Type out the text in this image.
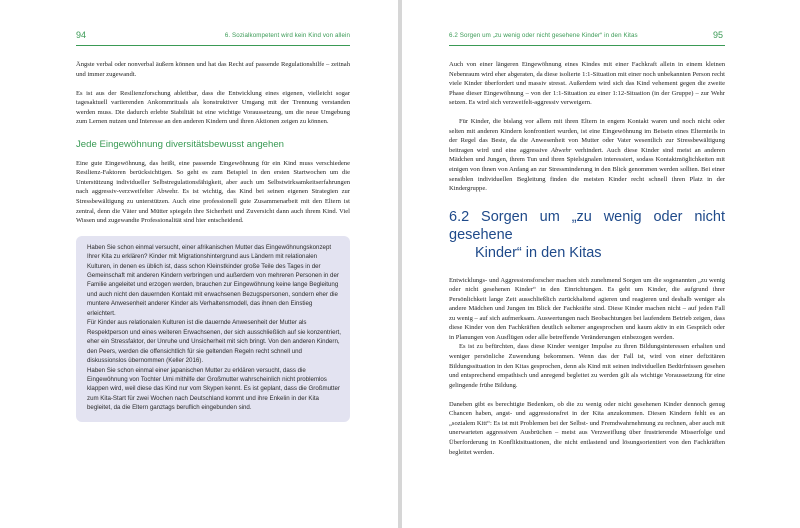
94	6. Sozialkompetent wird kein Kind von allein

Ängste verbal oder nonverbal äußern können und hat das Recht auf passende Regulationshilfe – zeitnah und immer zugewandt.

Es ist aus der Resilienzforschung ableitbar, dass die Entwicklung eines eigenen, vielleicht sogar tagesaktuell variierenden Ankommrituals als konstruktiver Umgang mit der Trennung verstanden werden muss. Die dadurch erlebte Stabilität ist eine wichtige Voraussetzung, um die neue Umgebung zum Lernen nutzen und Interesse an den anderen Kindern und ihren Aktionen zeigen zu können.

Jede Eingewöhnung diversitätsbewusst angehen

Eine gute Eingewöhnung, das heißt, eine passende Eingewöhnung für ein Kind muss verschiedene Resilienz-Faktoren berücksichtigen. So geht es zum Beispiel in den ersten Startwochen um die Unterstützung individueller Selbstregulationsfähigkeit, aber auch um Selbstwirksamkeitserfahrungen nach aggressiv-verzweifelter Abwehr. Es ist wichtig, das Kind bei seinen eigenen Strategien zur Stressbewältigung zu unterstützen. Auch eine professionell gute Zusammenarbeit mit den Eltern ist zentral, denn die Väter und Mütter spiegeln ihre Sicherheit und Zuversicht dann auch ihrem Kind. Viel Wissen und zugewandte Professionalität sind hier entscheidend.

Haben Sie schon einmal versucht, einer afrikanischen Mutter das Eingewöhnungskonzept Ihrer Kita zu erklären? Kinder mit Migrationshintergrund aus Ländern mit relationalen Kulturen, in denen es üblich ist, dass schon Kleinstkinder große Teile des Tages in der Gemeinschaft mit anderen Kindern verbringen und außerdem von mehreren Personen in der Familie angeleitet und erzogen werden, brauchen zur Eingewöhnung keine lange Begleitung und auch nicht den dauernden Kontakt mit erwachsenen Bezugspersonen, sondern eher die muntere Anwesenheit anderer Kinder als Verhaltensmodell, das ihnen den Einstieg erleichtert.

Für Kinder aus relationalen Kulturen ist die dauernde Anwesenheit der Mutter als Respektperson und eines weiteren Erwachsenen, der sich ausschließlich auf sie konzentriert, eher ein Stressfaktor, der Unruhe und Unsicherheit mit sich bringt. Von den anderen Kindern, den Peers, werden die offensichtlich für sie geltenden Regeln recht schnell und diskussionslos übernommen (Keller 2016).

Haben Sie schon einmal einer japanischen Mutter zu erklären versucht, dass die Eingewöhnung von Tochter Umi mithilfe der Großmutter wahrscheinlich nicht problemlos klappen wird, weil diese das Kind nur vom Skypen kennt. Es ist geplant, dass die Großmutter zum Kita-Start für zwei Wochen nach Deutschland kommt und ihre Enkelin in der Kita begleitet, da die Eltern ganztags beruflich eingebunden sind.

6.2 Sorgen um „zu wenig oder nicht gesehene Kinder“ in den Kitas	95

Auch von einer längeren Eingewöhnung eines Kindes mit einer Fachkraft allein in einem kleinen Nebenraum wird eher abgeraten, da diese isolierte 1:1-Situation mit einer noch unbekannten Person recht viele Kinder überfordert und massiv stresst. Außerdem wird sich das Kind vehement gegen die zweite Phase dieser Eingewöhnung – von der 1:1-Situation zu einer 1:12-Situation (in der Gruppe) – zur Wehr setzen. Es wird sich verzweifelt-aggressiv verweigern.

Für Kinder, die bislang vor allem mit ihren Eltern in engem Kontakt waren und noch nicht oder selten mit anderen Kindern konfrontiert wurden, ist eine Eingewöhnung im Beisein eines Elternteils in der Regel das Beste, da die Anwesenheit von Mutter oder Vater wesentlich zur Stressbewältigung beitragen wird und eine aggressive Abwehr verhindert. Auch diese Kinder sind meist an anderen Mädchen und Jungen, ihrem Tun und ihren Spielsignalen interessiert, sodass Kontaktmöglichkeiten mit einigen von ihnen von Anfang an zur Stressminderung in den Blick genommen werden sollten. Bei einer sensiblen individuellen Begleitung finden die meisten Kinder recht schnell ihren Platz in der Kindergruppe.

6.2 Sorgen um „zu wenig oder nicht gesehene
Kinder“ in den Kitas

Entwicklungs- und Aggressionsforscher machen sich zunehmend Sorgen um die sogenannten „zu wenig oder nicht gesehenen Kinder“ in den Einrichtungen. Es geht um Kinder, die aufgrund ihrer Persönlichkeit lange Zeit ausschließlich zurückhaltend agieren und reagieren und deshalb weniger als andere Mädchen und Jungen im Blick der Fachkräfte sind. Diese Kinder machen nicht – auf jeden Fall zu wenig – auf sich aufmerksam. Auswertungen nach Beobachtungen bei laufendem Betrieb zeigen, dass diese Kinder von den Fachkräften deutlich seltener angesprochen und kaum aktiv in ein Gespräch oder in Planungen von Ausflügen oder alle betreffende Veränderungen einbezogen werden.

Es ist zu befürchten, dass diese Kinder weniger Impulse zu ihren Bildungsinteressen erhalten und weniger persönliche Zuwendung bekommen. Wenn das der Fall ist, wird von einer defizitären Bildungssituation in den Kitas gesprochen, denn als Kind mit seinen individuellen Bedürfnissen gesehen und entsprechend empathisch und anregend begleitet zu werden gilt als wichtige Voraussetzung für eine gelingende frühe Bildung.

Daneben gibt es berechtigte Bedenken, ob die zu wenig oder nicht gesehenen Kinder dennoch genug Chancen haben, angst- und aggressionsfrei in der Kita anzukommen. Diesen Kindern fehlt es an „sozialem Kitt“: Es ist mit Problemen bei der Selbst- und Fremdwahrnehmung zu rechnen, aber auch mit unerwarteten aggressiven Ausbrüchen – meist aus Verzweiflung über frustrierende Misserfolge und Überforderung in Konfliktsituationen, die nicht entlastend und lösungsorientiert von den Fachkräften begleitet werden.
